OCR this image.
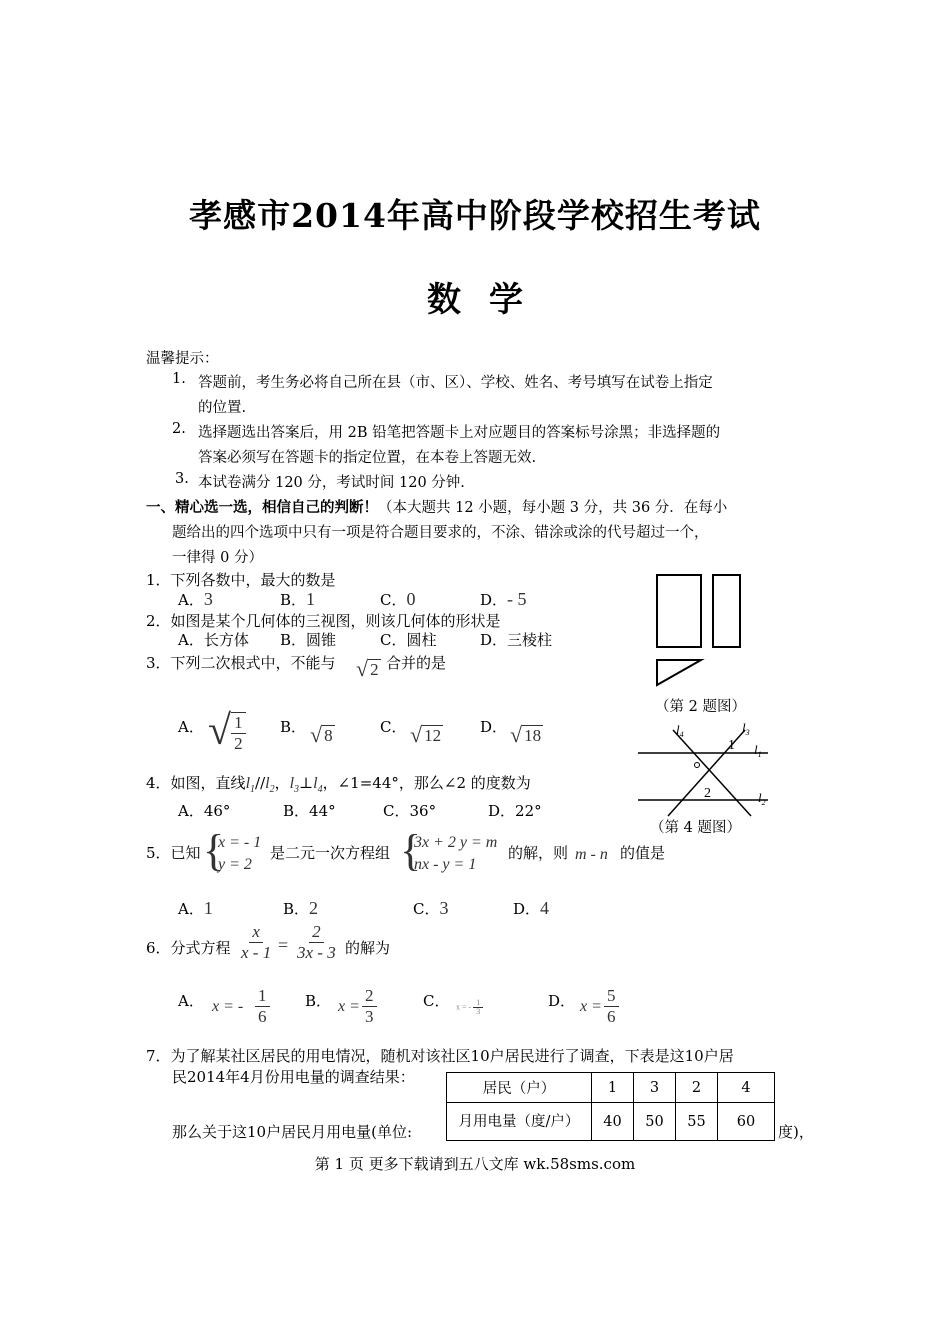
孝感市2014年高中阶段学校招生考试
数学
温馨提示：
1. 答题前，考生务必将自己所在县（市、区）、学校、姓名、考号填写在试卷上指定
的位置.
2. 选择题选出答案后，用 2B 铅笔把答题卡上对应题目的答案标号涂黑；非选择题的
答案必须写在答题卡的指定位置，在本卷上答题无效.
3. 本试卷满分 120 分，考试时间 120 分钟.
一、精心选一选，相信自己的判断！（本大题共 12 小题，每小题 3 分，共 36 分．在每小
题给出的四个选项中只有一项是符合题目要求的，不涂、错涂或涂的代号超过一个，
一律得 0 分）
1．下列各数中，最大的数是
A．3	B．1	C．0	D．- 5
2．如图是某个几何体的三视图，则该几何体的形状是
A．长方体 B．圆锥	C．圆柱	D．三棱柱
3．下列二次根式中，不能与 √ 2 合并的是
A． √ $\frac{1}{2}$ B． √ 8	C． √ 12	D． √ 18
4．如图，直线$l_1//l_2$，$l_3\perp l_4$，∠1=44°，那么∠2 的度数为
A．46°	B．44°	C．36°	D．22°
5．已知 {
x = - 1
y = 2
是二元一次方程组 {
3x + 2 y = m
nx - y = 1
的解，则 m - n 的值是
A．1	B．2	C．3	D．4
6．分式方程 $\frac{x}{x - 1} = \frac{2}{3x - 3}$ 的解为
A． x = - $\frac{1}{6}$ B． $x = \frac{2}{3}$	C． x = - $\frac{1}{3}$	D． $x = \frac{5}{6}$
7．为了解某社区居民的用电情况，随机对该社区10户居民进行了调查，下表是这10户居
民2014年4月份用电量的调查结果：
那么关于这10户居民月用电量(单位:	度)，
居民（户）	1	3	2	4
月用电量（度/户）	40	50	55	60
（第 2 题图）
$l_4$	$l_3$
$l_1$
$l_2$
1
2
（第 4 题图）
第 1 页 更多下载请到五八文库 wk.58sms.com
